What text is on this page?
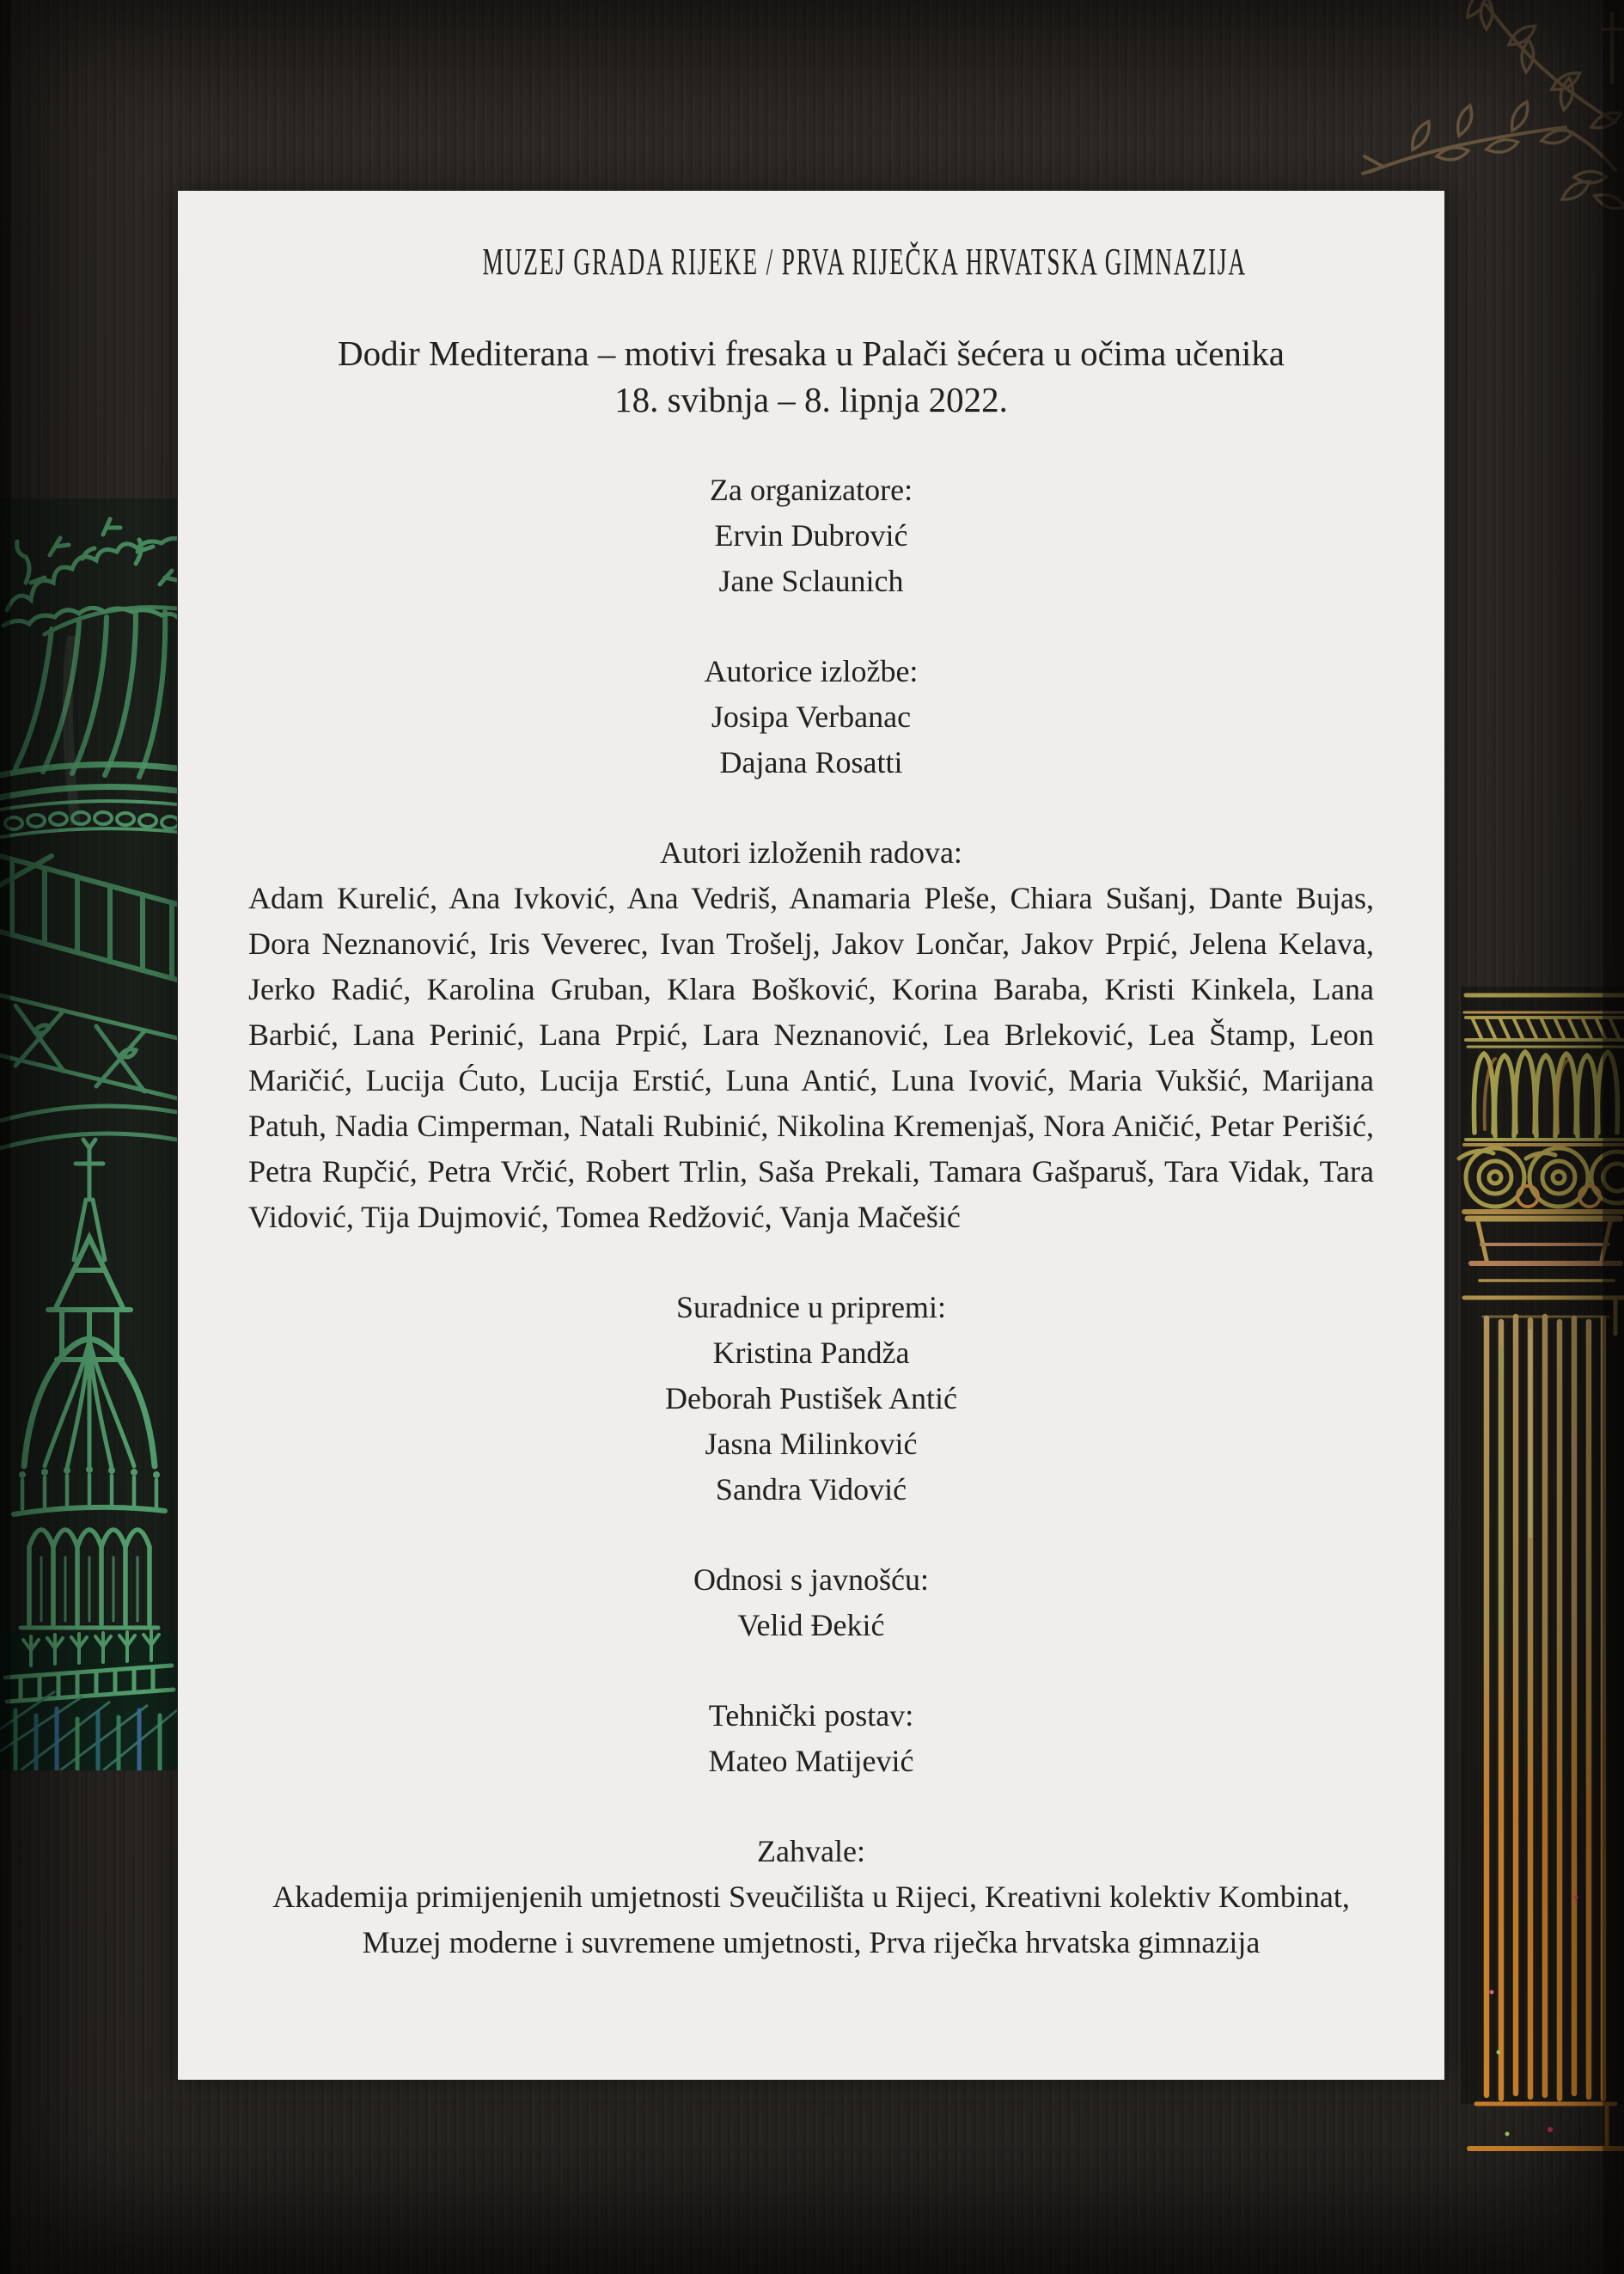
MUZEJ GRADA RIJEKE / PRVA RIJEČKA HRVATSKA GIMNAZIJA

Dodir Mediterana – motivi fresaka u Palači šećera u očima učenika

18. svibnja – 8. lipnja 2022.

Za organizatore:

Ervin Dubrović

Jane Sclaunich

Autorice izložbe:

Josipa Verbanac

Dajana Rosatti

Autori izloženih radova:

Adam Kurelić, Ana Ivković, Ana Vedriš, Anamaria Pleše, Chiara Sušanj, Dante Bujas, Dora Neznanović, Iris Veverec, Ivan Trošelj, Jakov Lončar, Jakov Prpić, Jelena Kelava, Jerko Radić, Karolina Gruban, Klara Bošković, Korina Baraba, Kristi Kinkela, Lana Barbić, Lana Perinić, Lana Prpić, Lara Neznanović, Lea Brleković, Lea Štamp, Leon Maričić, Lucija Ćuto, Lucija Erstić, Luna Antić, Luna Ivović, Maria Vukšić, Marijana Patuh, Nadia Cimperman, Natali Rubinić, Nikolina Kremenjaš, Nora Aničić, Petar Perišić, Petra Rupčić, Petra Vrčić, Robert Trlin, Saša Prekali, Tamara Gašparuš, Tara Vidak, Tara Vidović, Tija Dujmović, Tomea Redžović, Vanja Mačešić

Suradnice u pripremi:

Kristina Pandža

Deborah Pustišek Antić

Jasna Milinković

Sandra Vidović

Odnosi s javnošću:

Velid Đekić

Tehnički postav:

Mateo Matijević

Zahvale:

Akademija primijenjenih umjetnosti Sveučilišta u Rijeci, Kreativni kolektiv Kombinat, Muzej moderne i suvremene umjetnosti, Prva riječka hrvatska gimnazija
